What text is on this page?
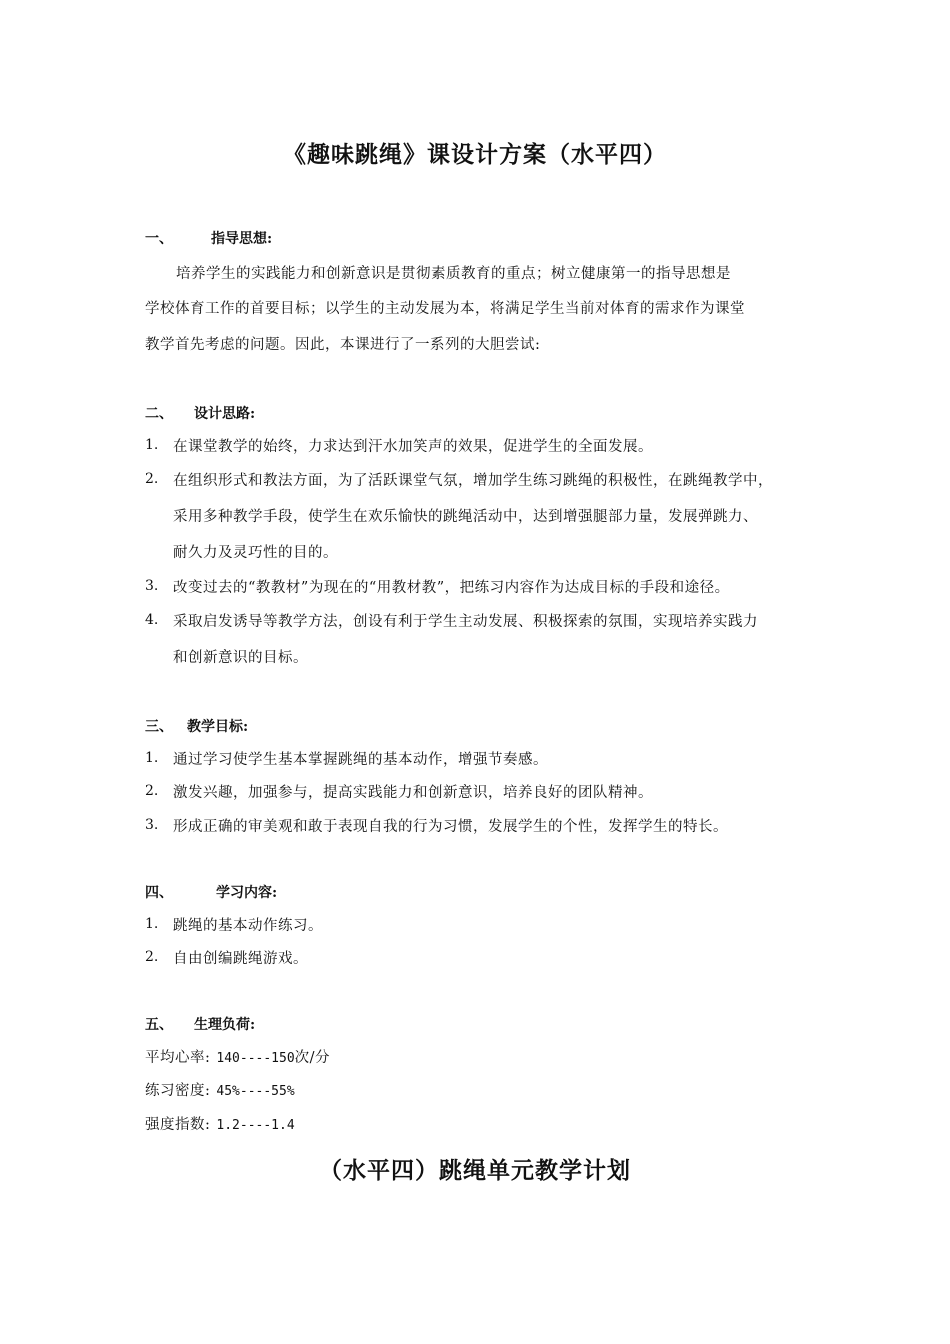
《趣味跳绳》课设计方案（水平四）
一、	指导思想:
培养学生的实践能力和创新意识是贯彻素质教育的重点；树立健康第一的指导思想是
学校体育工作的首要目标；以学生的主动发展为本，将满足学生当前对体育的需求作为课堂
教学首先考虑的问题。因此，本课进行了一系列的大胆尝试:
二、 设计思路:
1. 在课堂教学的始终，力求达到汗水加笑声的效果，促进学生的全面发展。
2. 在组织形式和教法方面，为了活跃课堂气氛，增加学生练习跳绳的积极性，在跳绳教学中，
采用多种教学手段，使学生在欢乐愉快的跳绳活动中，达到增强腿部力量，发展弹跳力、
耐久力及灵巧性的目的。
3. 改变过去的“教教材”为现在的“用教材教”，把练习内容作为达成目标的手段和途径。
4. 采取启发诱导等教学方法，创设有利于学生主动发展、积极探索的氛围，实现培养实践力
和创新意识的目标。
三、 教学目标:
1. 通过学习使学生基本掌握跳绳的基本动作，增强节奏感。
2. 激发兴趣，加强参与，提高实践能力和创新意识，培养良好的团队精神。
3. 形成正确的审美观和敢于表现自我的行为习惯，发展学生的个性，发挥学生的特长。
四、	学习内容:
1. 跳绳的基本动作练习。
2. 自由创编跳绳游戏。
五、 生理负荷:
平均心率: 140----150次/分
练习密度: 45%----55%
强度指数: 1.2----1.4
（水平四）跳绳单元教学计划
